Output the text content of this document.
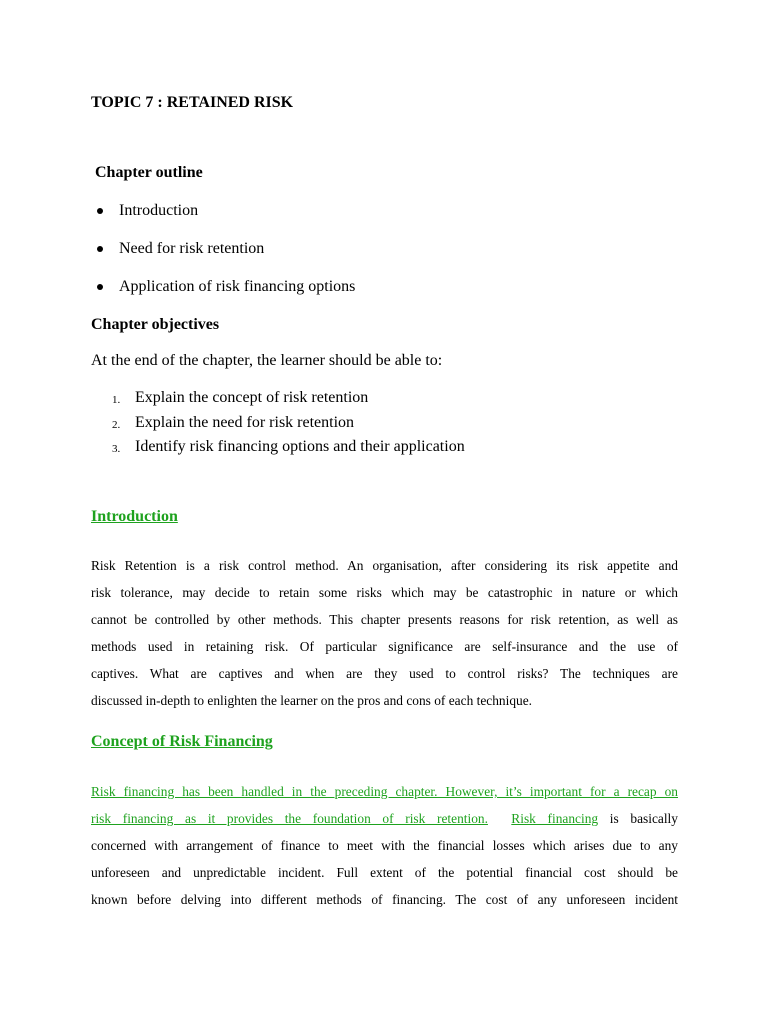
TOPIC 7 : RETAINED RISK
Chapter outline
Introduction
Need for risk retention
Application of risk financing options
Chapter objectives
At the end of the chapter, the learner should be able to:
1. Explain the concept of risk retention
2. Explain the need for risk retention
3. Identify risk financing options and their application
Introduction
Risk Retention is a risk control method. An organisation, after considering its risk appetite and
risk tolerance, may decide to retain some risks which may be catastrophic in nature or which
cannot be controlled by other methods. This chapter presents reasons for risk retention, as well as
methods used in retaining risk. Of particular significance are self-insurance and the use of
captives. What are captives and when are they used to control risks? The techniques are
discussed in-depth to enlighten the learner on the pros and cons of each technique.
Concept of Risk Financing
Risk financing has been handled in the preceding chapter. However, it’s important for a recap on
risk financing as it provides the foundation of risk retention. Risk financing is basically
concerned with arrangement of finance to meet with the financial losses which arises due to any
unforeseen and unpredictable incident. Full extent of the potential financial cost should be
known before delving into different methods of financing. The cost of any unforeseen incident
